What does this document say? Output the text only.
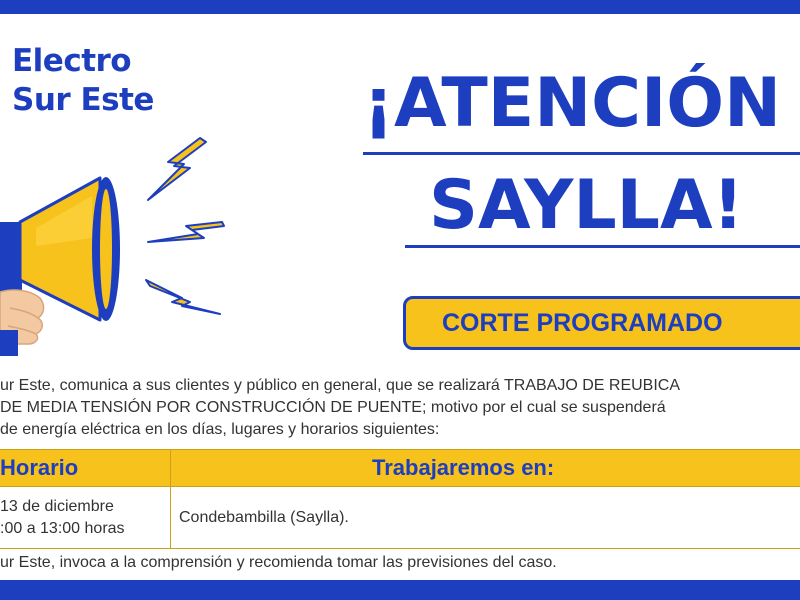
Electro
Sur Este	¡ATENCIÓN
SAYLLA!
CORTE PROGRAMADO
ur Este, comunica a sus clientes y público en general, que se realizará TRABAJO DE REUBICA
DE MEDIA TENSIÓN POR CONSTRUCCIÓN DE PUENTE; motivo por el cual se suspenderá
de energía eléctrica en los días, lugares y horarios siguientes:
Horario	Trabajaremos en:
13 de diciembre
:00 a 13:00 horas
Condebambilla (Saylla).
ur Este, invoca a la comprensión y recomienda tomar las previsiones del caso.
